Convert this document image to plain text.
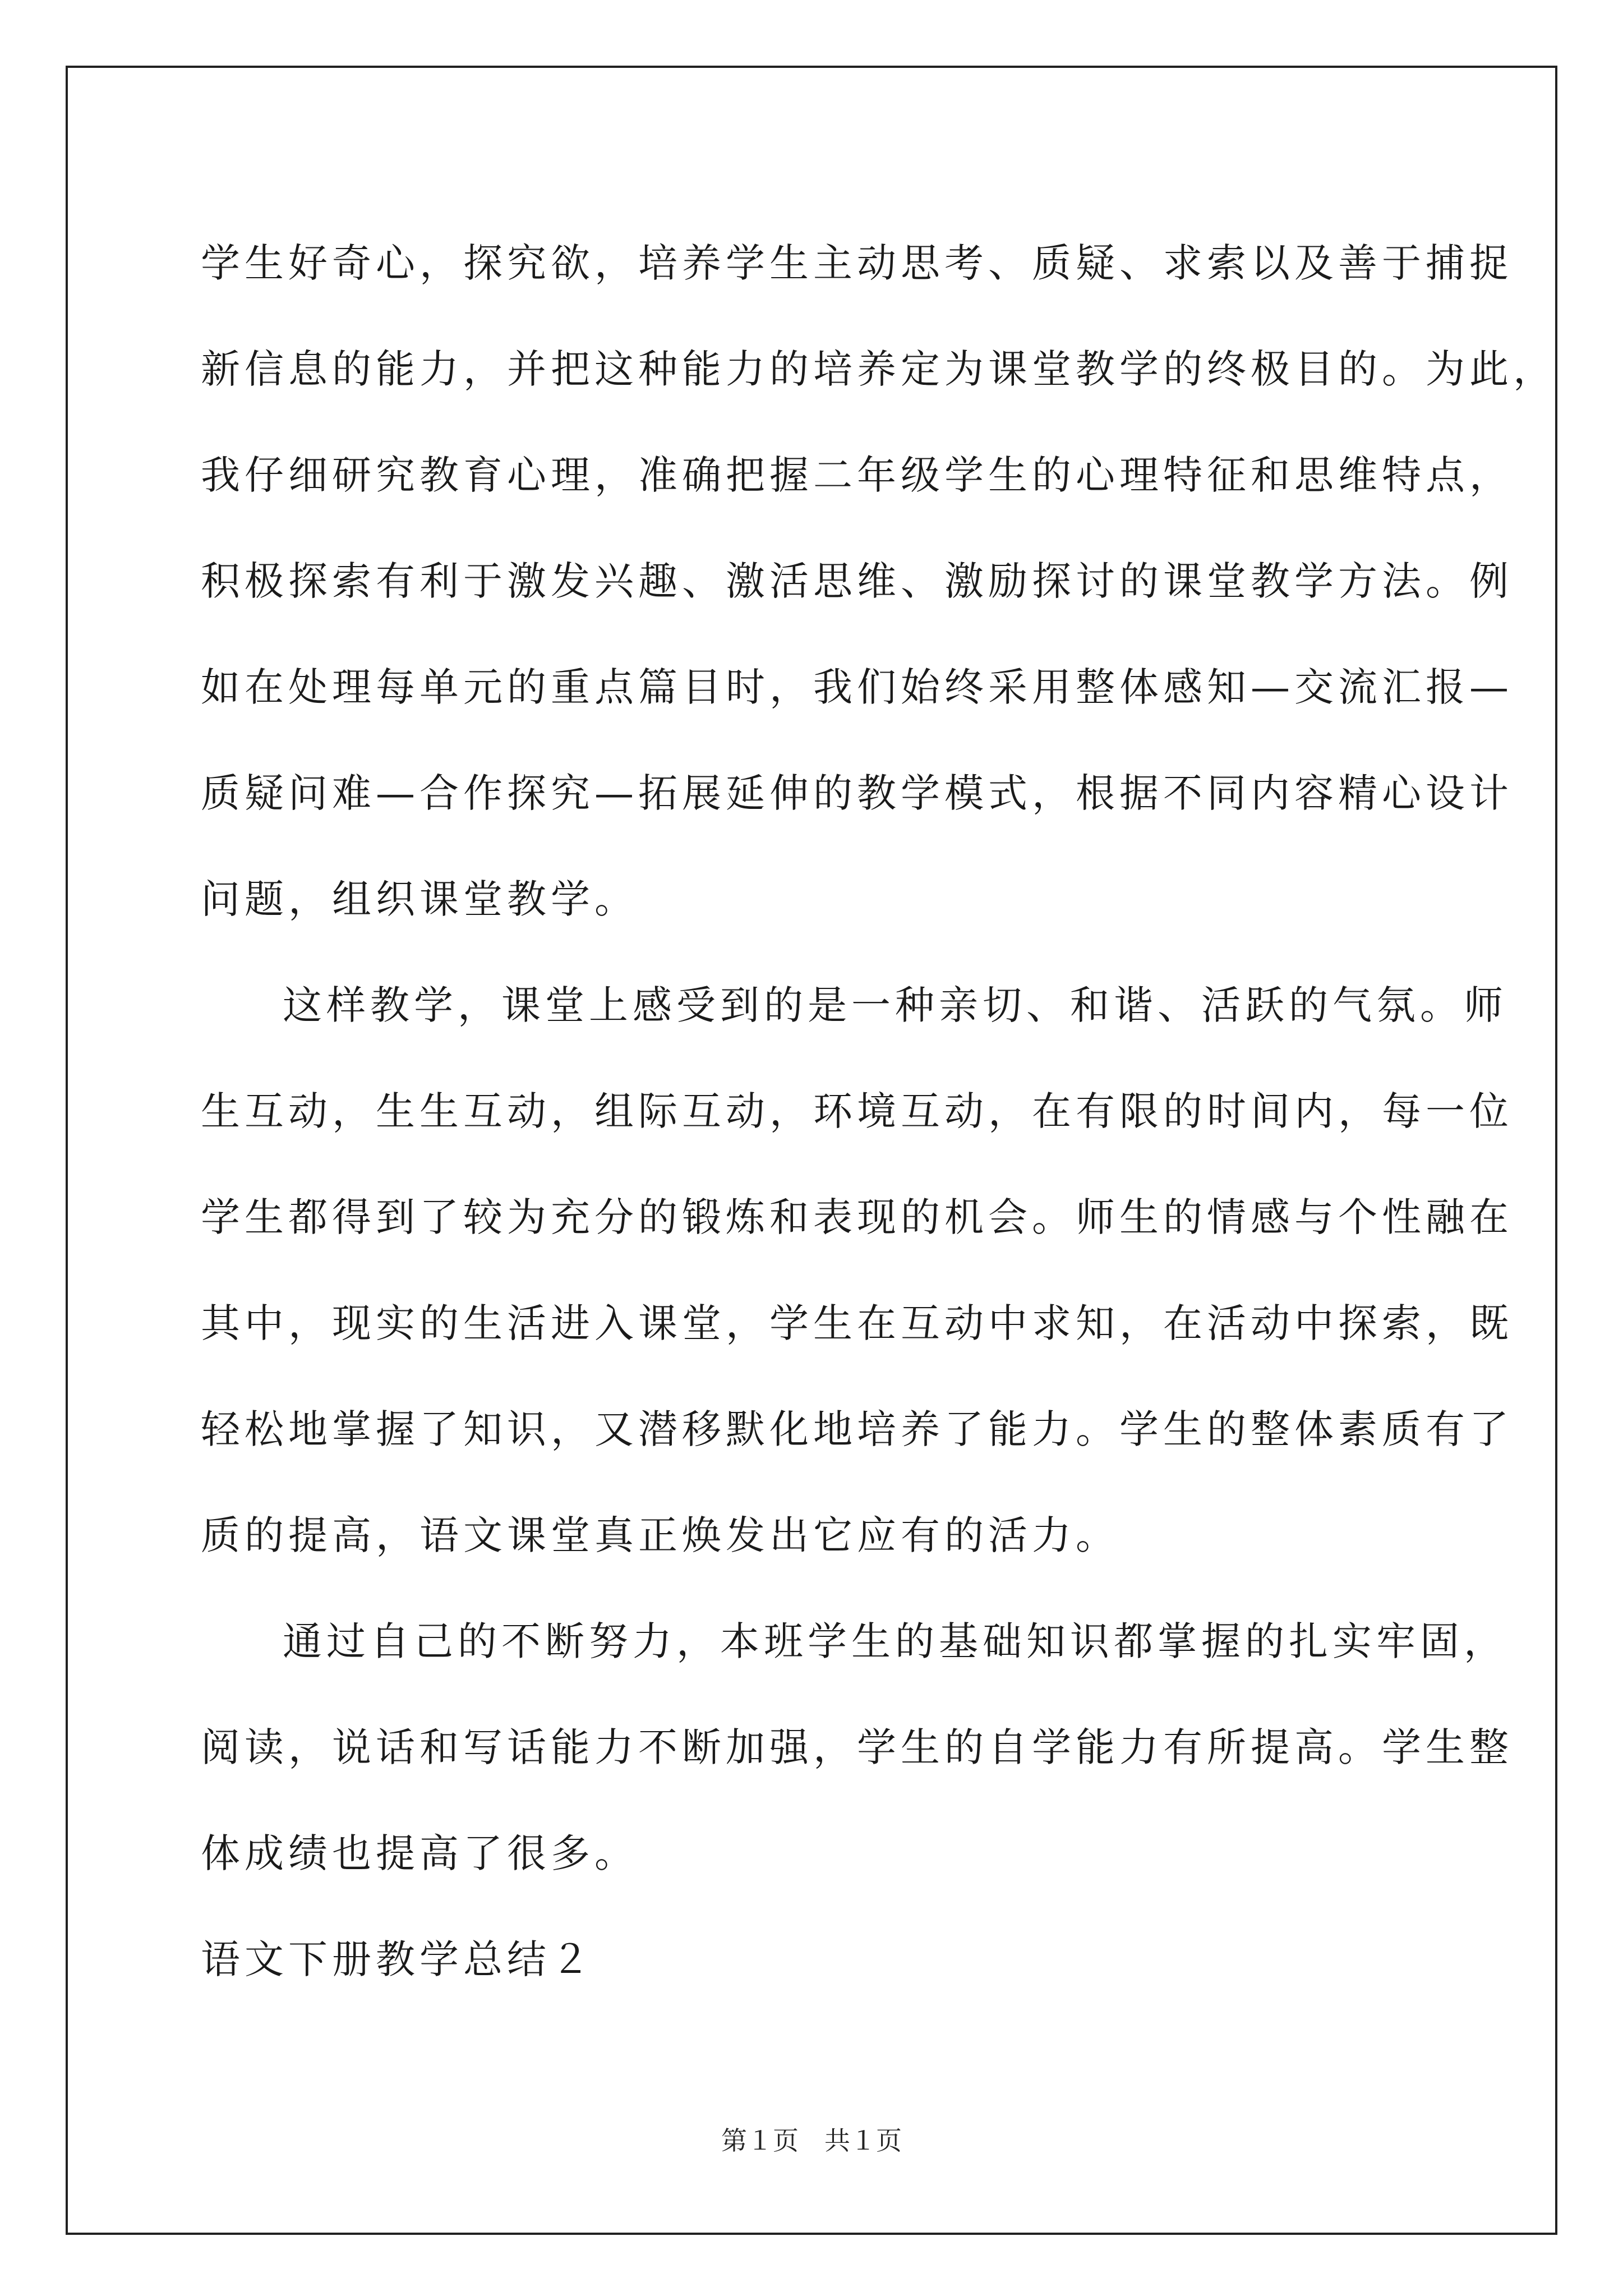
学生好奇心，探究欲，培养学生主动思考、质疑、求索以及善于捕捉

新信息的能力，并把这种能力的培养定为课堂教学的终极目的。为此，

我仔细研究教育心理，准确把握二年级学生的心理特征和思维特点，

积极探索有利于激发兴趣、激活思维、激励探讨的课堂教学方法。例

如在处理每单元的重点篇目时，我们始终采用整体感知—交流汇报—

质疑问难—合作探究—拓展延伸的教学模式，根据不同内容精心设计

问题，组织课堂教学。

这样教学，课堂上感受到的是一种亲切、和谐、活跃的气氛。师

生互动，生生互动，组际互动，环境互动，在有限的时间内，每一位

学生都得到了较为充分的锻炼和表现的机会。师生的情感与个性融在

其中，现实的生活进入课堂，学生在互动中求知，在活动中探索，既

轻松地掌握了知识，又潜移默化地培养了能力。学生的整体素质有了

质的提高，语文课堂真正焕发出它应有的活力。

通过自己的不断努力，本班学生的基础知识都掌握的扎实牢固，

阅读，说话和写话能力不断加强，学生的自学能力有所提高。学生整

体成绩也提高了很多。

语文下册教学总结２

第１页 共１页
